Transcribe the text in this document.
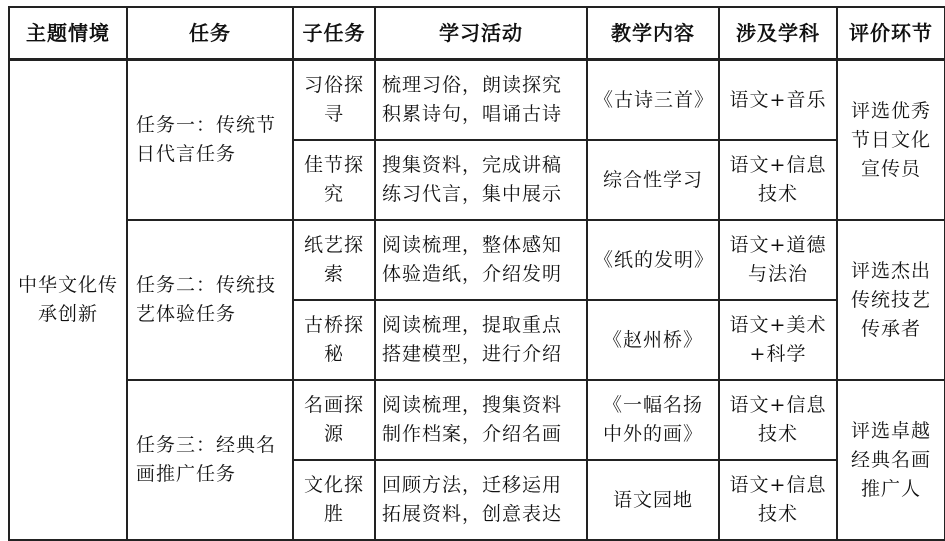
主题情境	任务	子任务	学习活动	教学内容	涉及学科	评价环节
中华文化传承创新	任务一：传统节日代言任务	习俗探寻	梳理习俗，朗读探究积累诗句，唱诵古诗	《古诗三首》	语文+音乐	评选优秀节日文化宣传员
		佳节探究	搜集资料，完成讲稿练习代言，集中展示	综合性学习	语文+信息技术	
	任务二：传统技艺体验任务	纸艺探索	阅读梳理，整体感知体验造纸，介绍发明	《纸的发明》	语文+道德与法治	评选杰出传统技艺传承者
		古桥探秘	阅读梳理，提取重点搭建模型，进行介绍	《赵州桥》	语文+美术+科学	
	任务三：经典名画推广任务	名画探源	阅读梳理，搜集资料制作档案，介绍名画	《一幅名扬中外的画》	语文+信息技术	评选卓越经典名画推广人
		文化探胜	回顾方法，迁移运用拓展资料，创意表达	语文园地	语文+信息技术	
